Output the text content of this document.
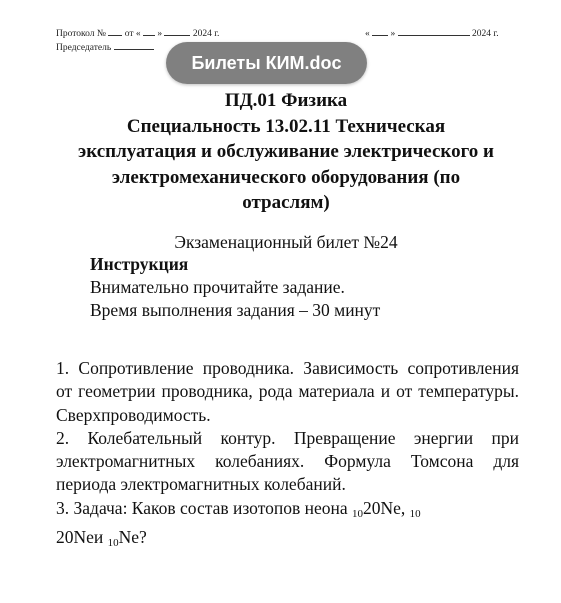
Протокол № от « »	2024 г.	« »	2024 г.
Председатель
Билеты КИМ.doc
ПД.01 Физика
Специальность 13.02.11 Техническая
эксплуатация и обслуживание электрического и
электромеханического оборудования (по
отраслям)
Экзаменационный билет №24
Инструкция
Внимательно прочитайте задание.
Время выполнения задания – 30 минут

1. Сопротивление проводника. Зависимость сопротивления от геометрии проводника, рода материала и от температуры. Сверхпроводимость.

2. Колебательный контур. Превращение энергии при электромагнитных колебаниях. Формула Томсона для периода электромагнитных колебаний.

3. Задача: Каков состав изотопов неона $_{10}$20Ne, $_{10}$
20Neи $_{10}$Ne?
